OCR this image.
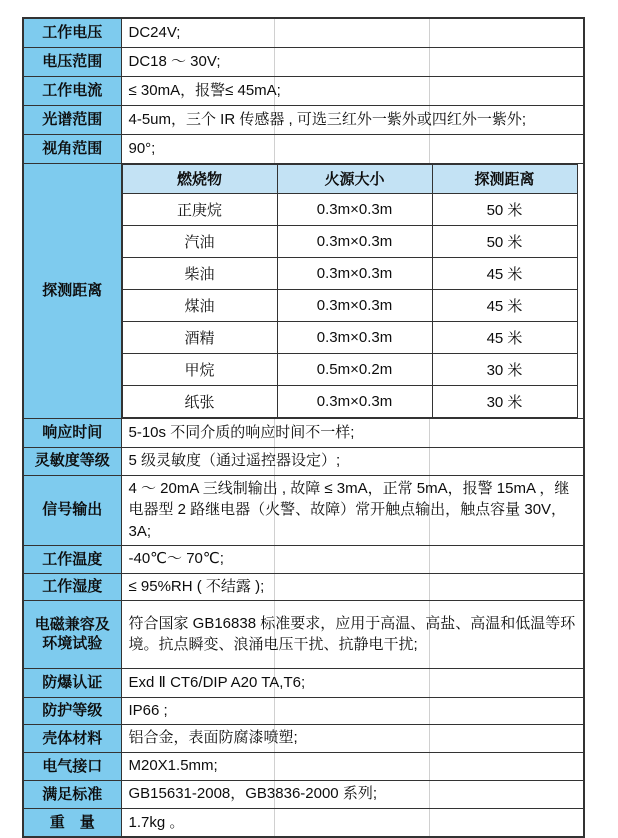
工作电压	DC24V;
电压范围	DC18 ～ 30V;
工作电流	≤ 30mA，报警≤ 45mA;
光谱范围	4-5um，三个 IR 传感器 , 可选三红外一紫外或四红外一紫外;
视角范围	90°;
探测距离	
燃烧物	火源大小	探测距离
正庚烷	0.3m×0.3m	50 米
汽油	0.3m×0.3m	50 米
柴油	0.3m×0.3m	45 米
煤油	0.3m×0.3m	45 米
酒精	0.3m×0.3m	45 米
甲烷	0.5m×0.2m	30 米
纸张	0.3m×0.3m	30 米

响应时间	5-10s 不同介质的响应时间不一样;
灵敏度等级	5 级灵敏度（通过遥控器设定）;
信号输出	4 ～ 20mA 三线制输出 , 故障 ≤ 3mA，正常 5mA，报警 15mA ，继电器型 2 路继电器（火警、故障）常开触点输出，触点容量 30V，3A;
工作温度	-40℃～ 70℃;
工作湿度	≤ 95%RH ( 不结露 );
电磁兼容及环境试验	符合国家 GB16838 标准要求，应用于高温、高盐、高温和低温等环境。抗点瞬变、浪涌电压干扰、抗静电干扰;
防爆认证	Exd Ⅱ CT6/DIP A20 TA,T6;
防护等级	IP66 ;
壳体材料	铝合金，表面防腐漆喷塑;
电气接口	M20X1.5mm;
满足标准	GB15631-2008，GB3836-2000 系列;
重　量	1.7kg 。
